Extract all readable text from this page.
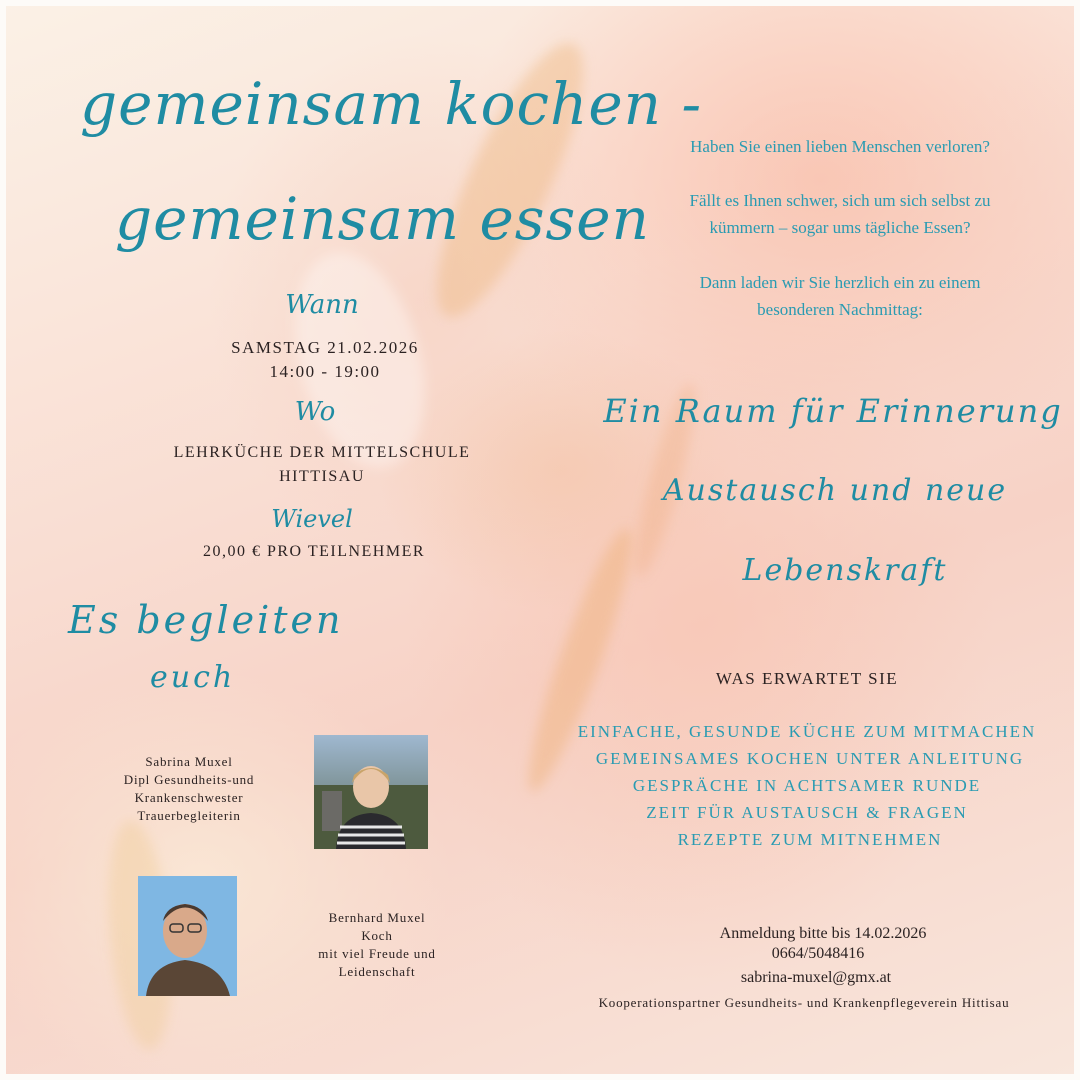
gemeinsam kochen -
gemeinsam essen
Wann
SAMSTAG 21.02.2026
14:00 - 19:00
Wo
LEHRKÜCHE DER MITTELSCHULE
HITTISAU
Wievel
20,00 € PRO TEILNEHMER
Es begleiten
euch
Sabrina Muxel
Dipl Gesundheits-und
Krankenschwester
Trauerbegleiterin
Bernhard Muxel
Koch
mit viel Freude und
Leidenschaft
Haben Sie einen lieben Menschen verloren?
Fällt es Ihnen schwer, sich um sich selbst zu
kümmern – sogar ums tägliche Essen?
Dann laden wir Sie herzlich ein zu einem
besonderen Nachmittag:
Ein Raum für Erinnerung
Austausch und neue
Lebenskraft
WAS ERWARTET SIE
EINFACHE, GESUNDE KÜCHE ZUM MITMACHEN
GEMEINSAMES KOCHEN UNTER ANLEITUNG
GESPRÄCHE IN ACHTSAMER RUNDE
ZEIT FÜR AUSTAUSCH & FRAGEN
REZEPTE ZUM MITNEHMEN
Anmeldung bitte bis 14.02.2026
0664/5048416
sabrina-muxel@gmx.at
Kooperationspartner Gesundheits- und Krankenpflegeverein Hittisau
